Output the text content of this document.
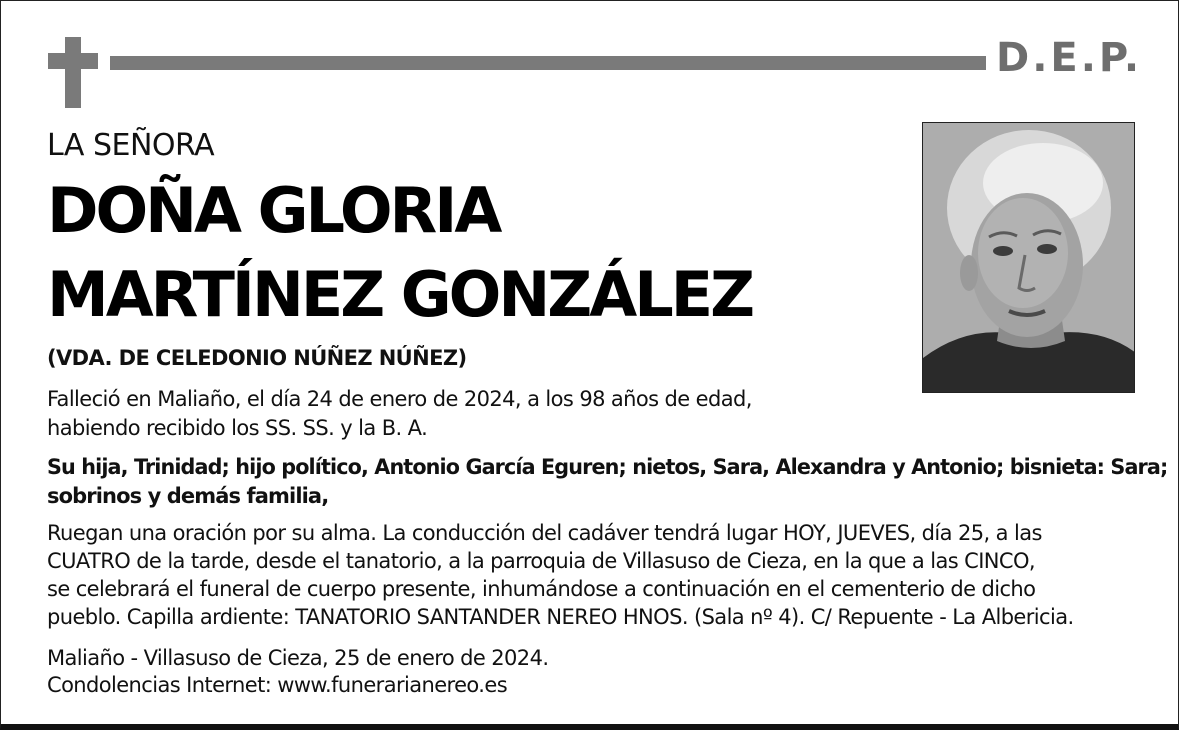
D.E.P.
LA SEÑORA
DOÑA GLORIA
MARTÍNEZ GONZÁLEZ
(VDA. DE CELEDONIO NÚÑEZ NÚÑEZ)
Falleció en Maliaño, el día 24 de enero de 2024, a los 98 años de edad,
habiendo recibido los SS. SS. y la B. A.
Su hija, Trinidad; hijo político, Antonio García Eguren; nietos, Sara, Alexandra y Antonio; bisnieta: Sara;
sobrinos y demás familia,
Ruegan una oración por su alma. La conducción del cadáver tendrá lugar HOY, JUEVES, día 25, a las
CUATRO de la tarde, desde el tanatorio, a la parroquia de Villasuso de Cieza, en la que a las CINCO,
se celebrará el funeral de cuerpo presente, inhumándose a continuación en el cementerio de dicho
pueblo. Capilla ardiente: TANATORIO SANTANDER NEREO HNOS. (Sala nº 4). C/ Repuente - La Albericia.
Maliaño - Villasuso de Cieza, 25 de enero de 2024.
Condolencias Internet: www.funerarianereo.es
